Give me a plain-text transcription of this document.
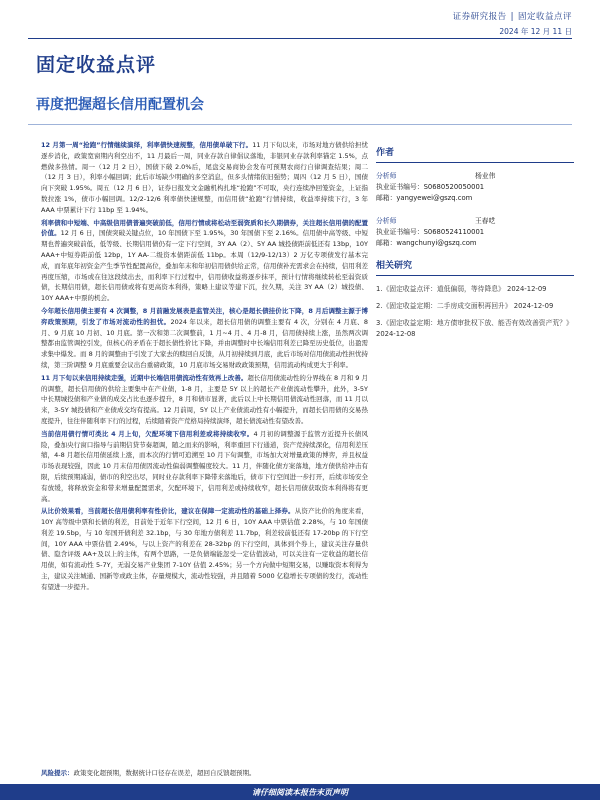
证券研究报告 | 固定收益点评
2024 年 12 月 11 日
固定收益点评
再度把握超长信用配置机会

12 月第一周“抢跑”行情继续演绎，利率债快速规整，信用债单破下行。11 月下旬以来，市场对地方债供给担忧逐步消化，政策宽窗期内利空出不，11 月最后一周，同业存款自律倡议落地，非银同业存款利率锚定 1.5%，点燃做多热情。周一（12 月 2 日），国债下破 2.0%后，尾盘交易商协会发布可预期农商行自律调查结果；周二（12 月 3 日），利率小幅回调；此后市场缺少明确的多空消息，但多头情绪依旧强势；周四（12 月 5 日），国债向下突破 1.95%。周五（12 月 6 日），证券日报发文金融机构扎堆“抢跑”不可取，央行连续净回笼资金，上证指数拉涨 1%，债市小幅回调。12/2-12/6 利率债快速规整，而信用债“抢跑”行情持续，收益率持续下行，3 年 AAA 中票累计下行 11bp 至 1.94%。

利率债和中短端、中高级信用债普遍突破前低，信用行情或将松动至弱资质和长久期债券，关注超长信用债的配置价值。12 月 6 日，国债突破关键点位，10 年国债下至 1.95%，30 年国债下至 2.16%。信用债中高等级、中短期也普遍突破前低，低等级、长期信用债仍有一定下行空间，3Y AA（2）、5Y AA 城投债距前低还有 13bp，10Y AAA+中短券距前低 12bp，1Y AA-二级资本债距前低 11bp。本周（12/9-12/13）2 万亿专项债发行基本完成，而年底年初资金产生季节性配置高位，叠加年末和年初信用债供给正常，信用债补充需求会在持续，信用利差再度压缩，市场或在往这段续出去，而利率下行过程中，信用债收益将逐步抹平，预计行情将继续转松至弱资质债，长期信用债，超长信用债或将有更高资本利得，策略上建议等建下沉，拉久期，关注 3Y AA（2）城投债、10Y AAA+中票的机会。

今年超长信用债主要有 4 次调整，8 月前融发展表是监管关注，核心是超长债挂价比下降，8 月后调整主源于博弈政策预期，引发了市场对流动性的担忧。2024 年以来，超长信用债的调整主要有 4 次，分别在 4 月底、8 月、9 月底 10 月初、10 月底。第一次和第二次调整前，1 月~4 月、4 月-8 月，信用债持续上涨，虽然两次调整都由监管调控引发，但核心的矛盾在于超长债性价比下降，并由调整时中长端信用利差已降至历史低位，出盈需求集中爆发。而 8 月的调整由于引发了大家去的赎回自反馈，从月初持续到月底，此后市场对信用债流动性担忧持续，第三阶调整 9 月底重要会议出台重磅政策，10 月底市场交易财政政策预期，信用流动构成更大于利率。

11 月下旬以来信用持续走强，近期中长端信用债流动性有效再上改善。超长信用债流动性的分界线在 8 月和 9 月的调整，超长信用债的供给主要集中在产业债，1-8 月，主要是 5Y 以上的超长产业债流动性攀升，此外，3-5Y 中长期城投债和产业债的成交占比也逐步提升，8 月和债市显著，此后以上中长期信用债流动性回落，而 11 月以来，3-5Y 城投债和产业债成交均有提高。12 月前周，5Y 以上产业债流动性有小幅提升，而超长信用债的交易热度提升，往往伴随利率下行的过程，后续随着资产荒格局持续演绎，超长债流动性有望改善。

当前信用债行情可类比 4 月上旬，欠配环境下信用利差或将持续收窄。4 月初的调整源于监管方近提升长债风险，叠加央行窗口指导与前期信贷节奏超调，随之而来的影响，利率重回下行通道，资产荒持续深化，信用利差压缩，4-8 月超长信用债延续上涨，而本次的行情可追溯至 10 月下旬调整，市场加大对增量政策的博弈，并且权益市场表现较强，因此 10 月末信用债因流动性偏弱调整幅度较大。11 月，伴随化债方案落地，地方债供给冲击有限，后续预期减弱，债市的利空出尽，同时业存款利率下降带来落地后，债市下行空间进一步打开，后续市场安全有放缓，将释放资金和带来增量配置需求，欠配环境下，信用利差或持续收窄，超长信用债获取资本利得将有更高。

从比价效果看，当前超长信用债利率有性价比，建议在保障一定流动性的基础上择券。从资产比价的角度来看，10Y 高等级中票和长债的利差，目前处于近年下行空间，12 月 6 日，10Y AAA 中票估值 2.28%，与 10 年国债利差 19.5bp，与 10 年国开债利差 32.1bp，与 30 年地方债利差 11.7bp，利差较前低还有 17-20bp 的下行空间，10Y AAA 中票估值 2.49%，与以上资产的利差在 28-32bp 的下行空间，具体到个券上，建议关注存量供债、隐含评级 AA+及以上的主体，有两个思路，一是负债端能忽受一定估值波动，可以关注有一定收益的超长信用债，如有流动性 5-7Y，无弱交易产业集团 7-10Y 估值 2.45%；另一个方向做中短期交易，以赚取资本利得为主，建议关注城通、国新等或政主体，存量规模大，流动性较强，并且随着 5000 亿稳增长专项债的发行，流动性有望进一步提升。

作者
分析师	杨业伟
执业证书编号：S0680520050001
邮箱：yangyewei@gszq.com
分析师	王春呓
执业证书编号：S0680524110001
邮箱：wangchunyi@gszq.com
相关研究
1.《固定收益点评：道低偏弱，等待降息》 2024-12-09
2.《固定收益定期：二手房成交面积再回升》 2024-12-09
3.《固定收益定期：地方债审批权下放、能否有效改善资产荒？》 2024-12-08
风险提示：政策变化超预期，数据统计口径存在误差，超回自反馈超预期。
请仔细阅读本报告末页声明
